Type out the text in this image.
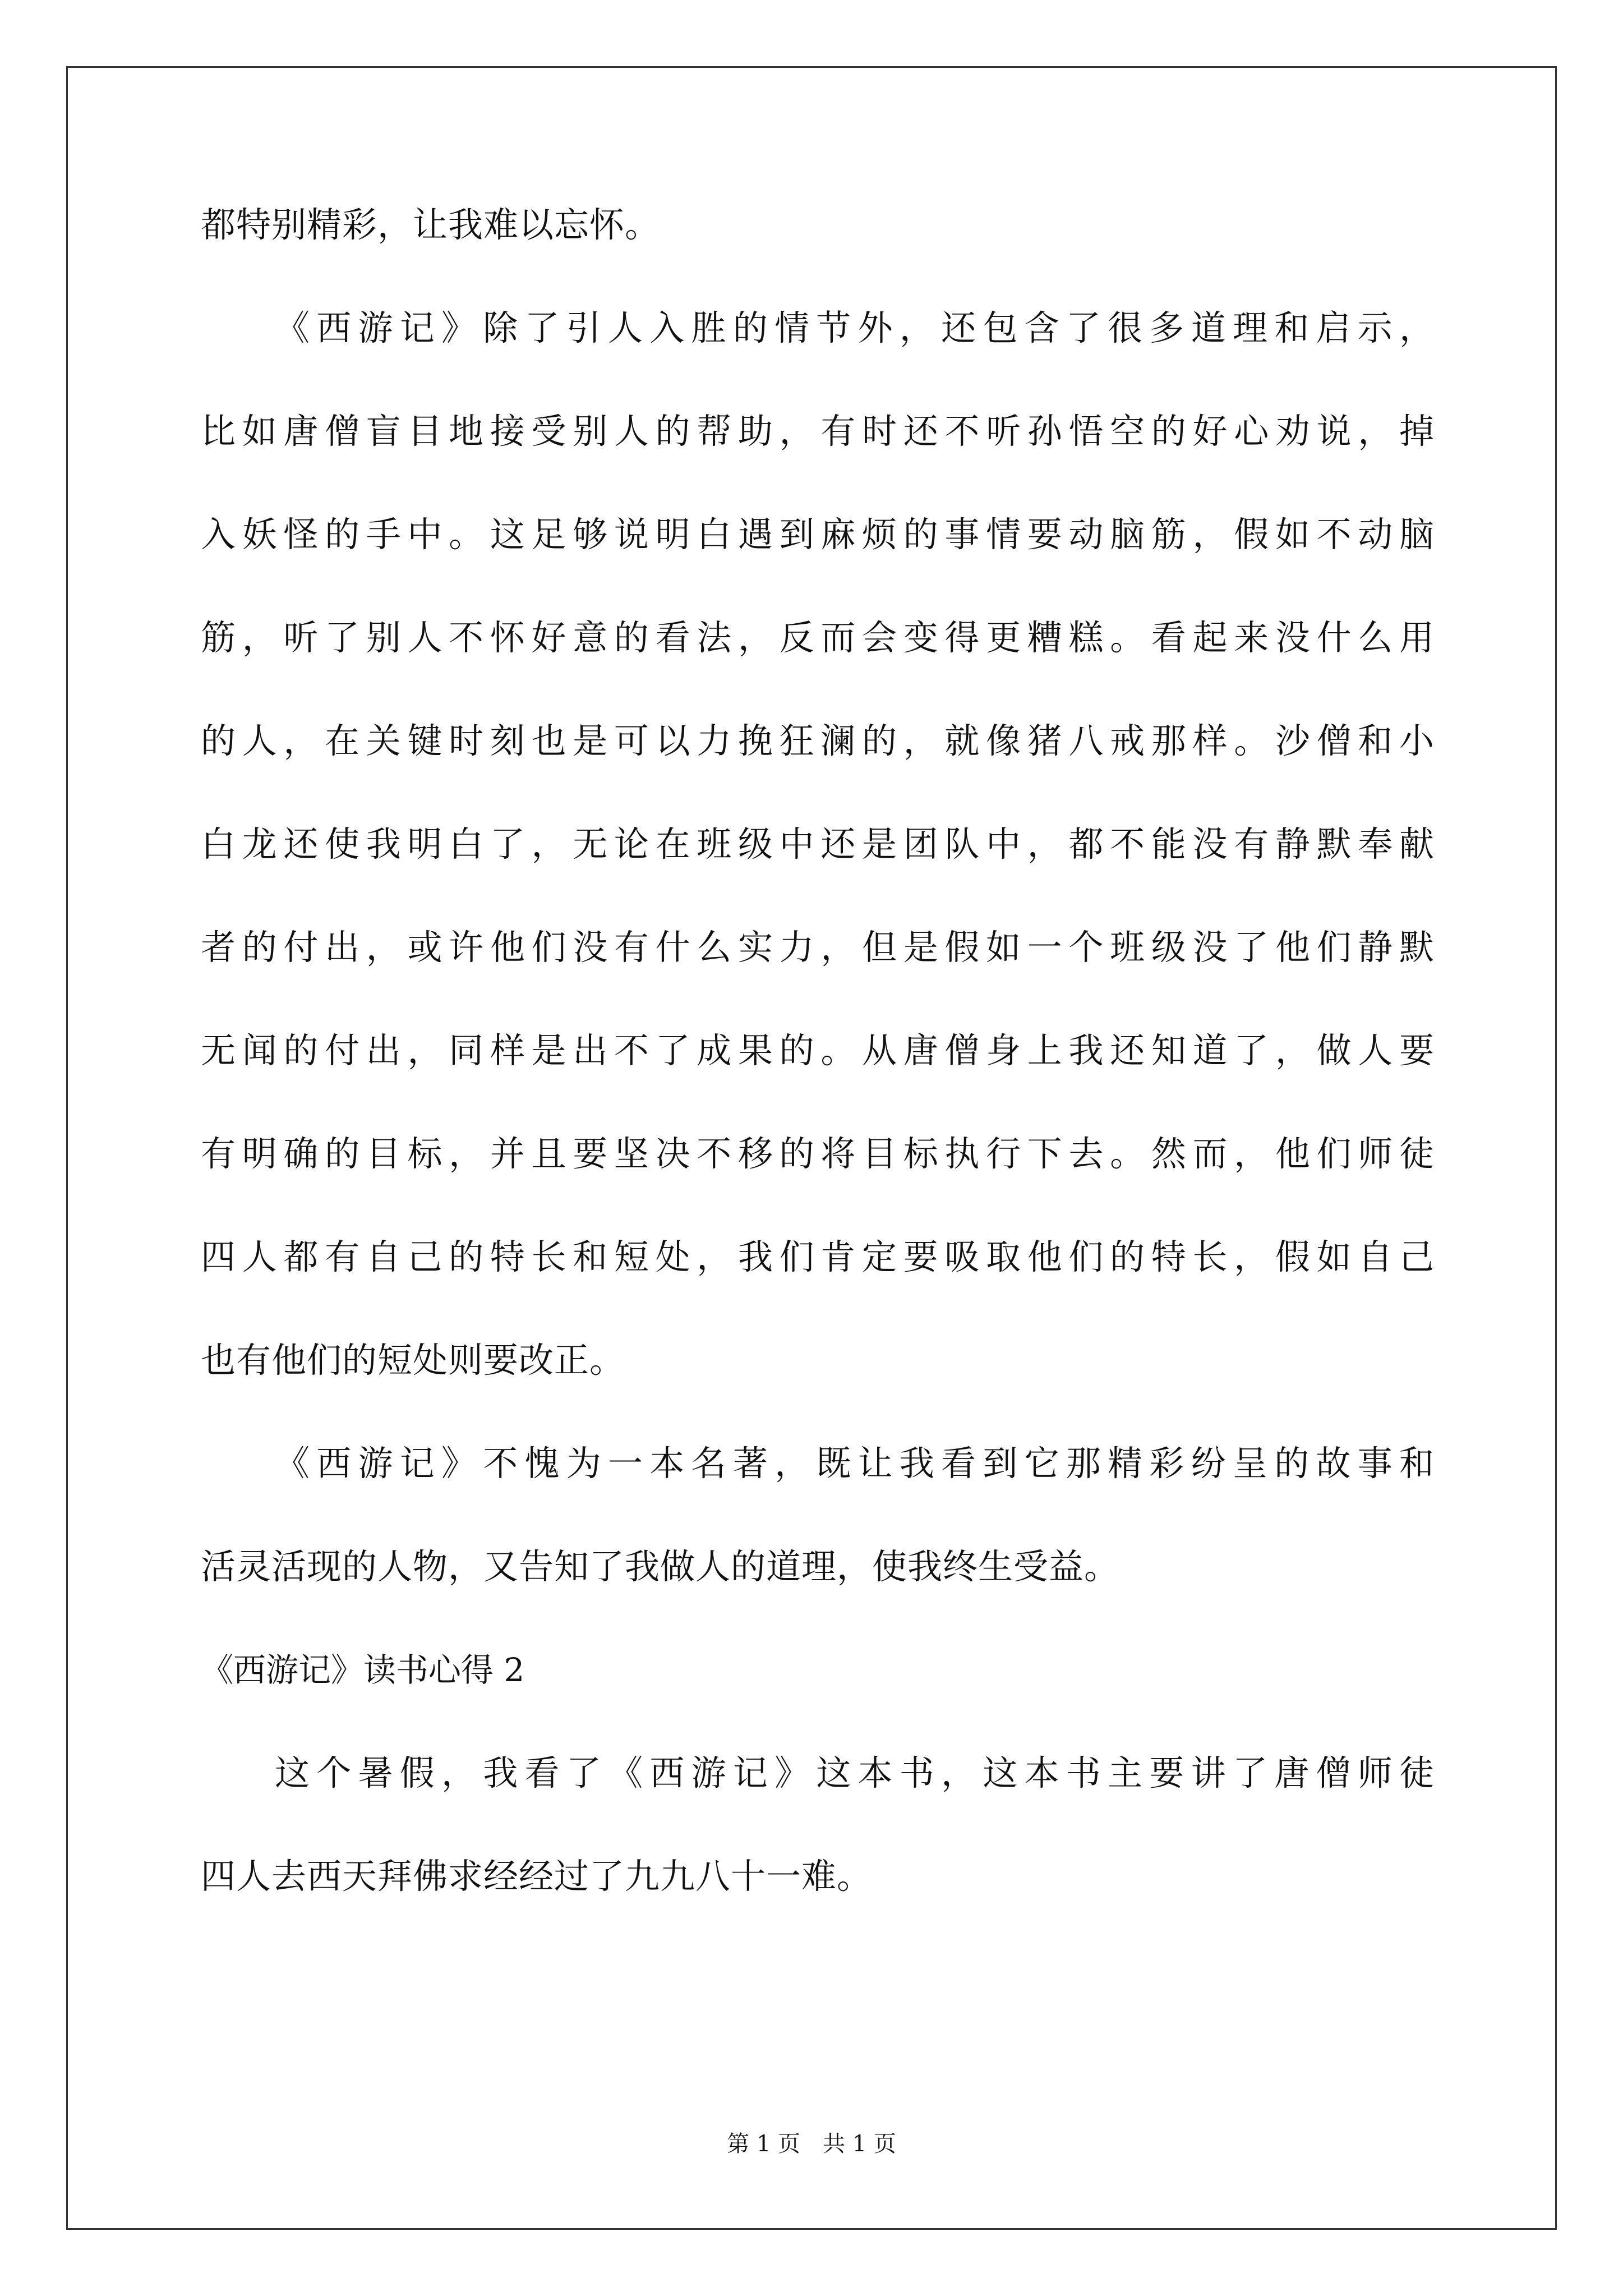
都特别精彩，让我难以忘怀。
《西游记》除了引人入胜的情节外，还包含了很多道理和启示，
比如唐僧盲目地接受别人的帮助，有时还不听孙悟空的好心劝说，掉
入妖怪的手中。这足够说明白遇到麻烦的事情要动脑筋，假如不动脑
筋，听了别人不怀好意的看法，反而会变得更糟糕。看起来没什么用
的人，在关键时刻也是可以力挽狂澜的，就像猪八戒那样。沙僧和小
白龙还使我明白了，无论在班级中还是团队中，都不能没有静默奉献
者的付出，或许他们没有什么实力，但是假如一个班级没了他们静默
无闻的付出，同样是出不了成果的。从唐僧身上我还知道了，做人要
有明确的目标，并且要坚决不移的将目标执行下去。然而，他们师徒
四人都有自己的特长和短处，我们肯定要吸取他们的特长，假如自己
也有他们的短处则要改正。
《西游记》不愧为一本名著，既让我看到它那精彩纷呈的故事和
活灵活现的人物，又告知了我做人的道理，使我终生受益。
《西游记》读书心得 2
这个暑假，我看了《西游记》这本书，这本书主要讲了唐僧师徒
四人去西天拜佛求经经过了九九八十一难。
第 1 页　共 1 页
